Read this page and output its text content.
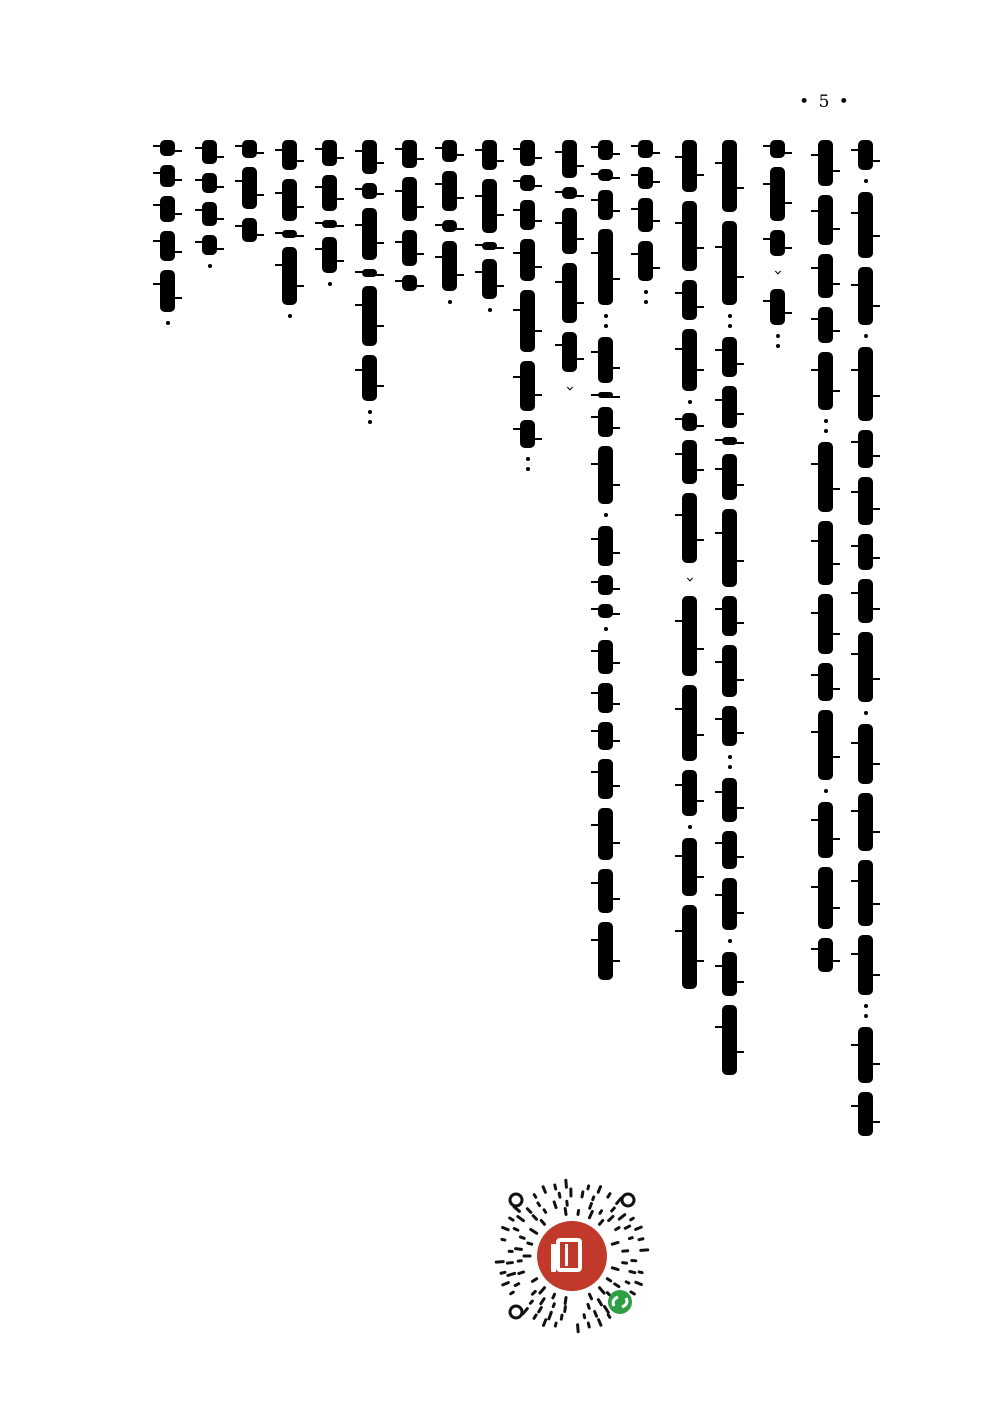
• 5 •
›
›
›
